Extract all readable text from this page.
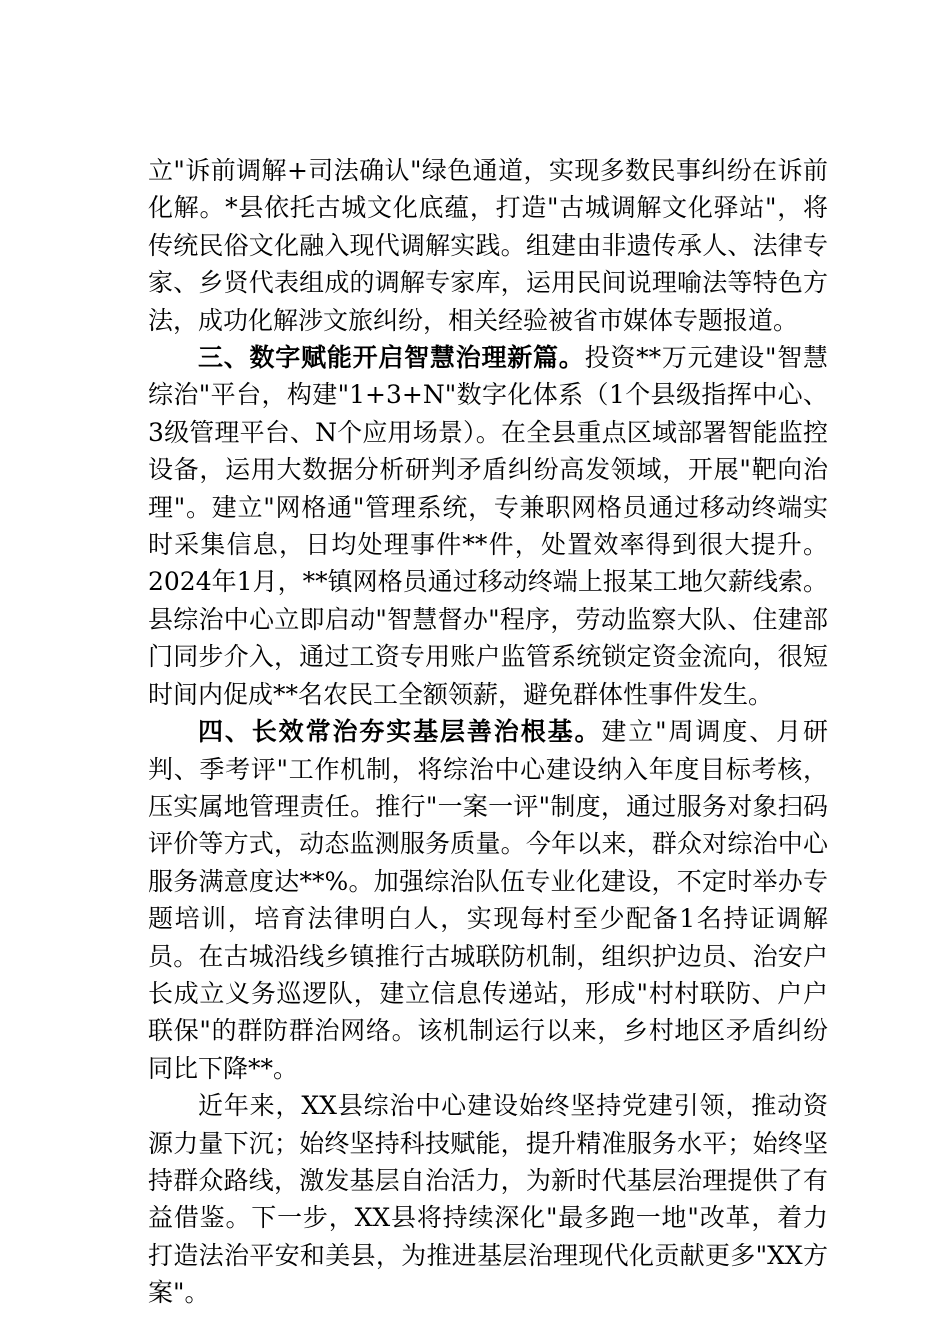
立"诉前调解+司法确认"绿色通道，实现多数民事纠纷在诉前化解。*县依托古城文化底蕴，打造"古城调解文化驿站"，将传统民俗文化融入现代调解实践。组建由非遗传承人、法律专家、乡贤代表组成的调解专家库，运用民间说理喻法等特色方法，成功化解涉文旅纠纷，相关经验被省市媒体专题报道。

三、数字赋能开启智慧治理新篇。投资**万元建设"智慧综治"平台，构建"1+3+N"数字化体系（1个县级指挥中心、3级管理平台、N个应用场景）。在全县重点区域部署智能监控设备，运用大数据分析研判矛盾纠纷高发领域，开展"靶向治理"。建立"网格通"管理系统，专兼职网格员通过移动终端实时采集信息，日均处理事件**件，处置效率得到很大提升。2024年1月，**镇网格员通过移动终端上报某工地欠薪线索。县综治中心立即启动"智慧督办"程序，劳动监察大队、住建部门同步介入，通过工资专用账户监管系统锁定资金流向，很短时间内促成**名农民工全额领薪，避免群体性事件发生。

四、长效常治夯实基层善治根基。建立"周调度、月研判、季考评"工作机制，将综治中心建设纳入年度目标考核，压实属地管理责任。推行"一案一评"制度，通过服务对象扫码评价等方式，动态监测服务质量。今年以来，群众对综治中心服务满意度达**%。加强综治队伍专业化建设，不定时举办专题培训，培育法律明白人，实现每村至少配备1名持证调解员。在古城沿线乡镇推行古城联防机制，组织护边员、治安户长成立义务巡逻队，建立信息传递站，形成"村村联防、户户联保"的群防群治网络。该机制运行以来，乡村地区矛盾纠纷同比下降**。

近年来，XX县综治中心建设始终坚持党建引领，推动资源力量下沉；始终坚持科技赋能，提升精准服务水平；始终坚持群众路线，激发基层自治活力，为新时代基层治理提供了有益借鉴。下一步，XX县将持续深化"最多跑一地"改革，着力打造法治平安和美县，为推进基层治理现代化贡献更多"XX方案"。
